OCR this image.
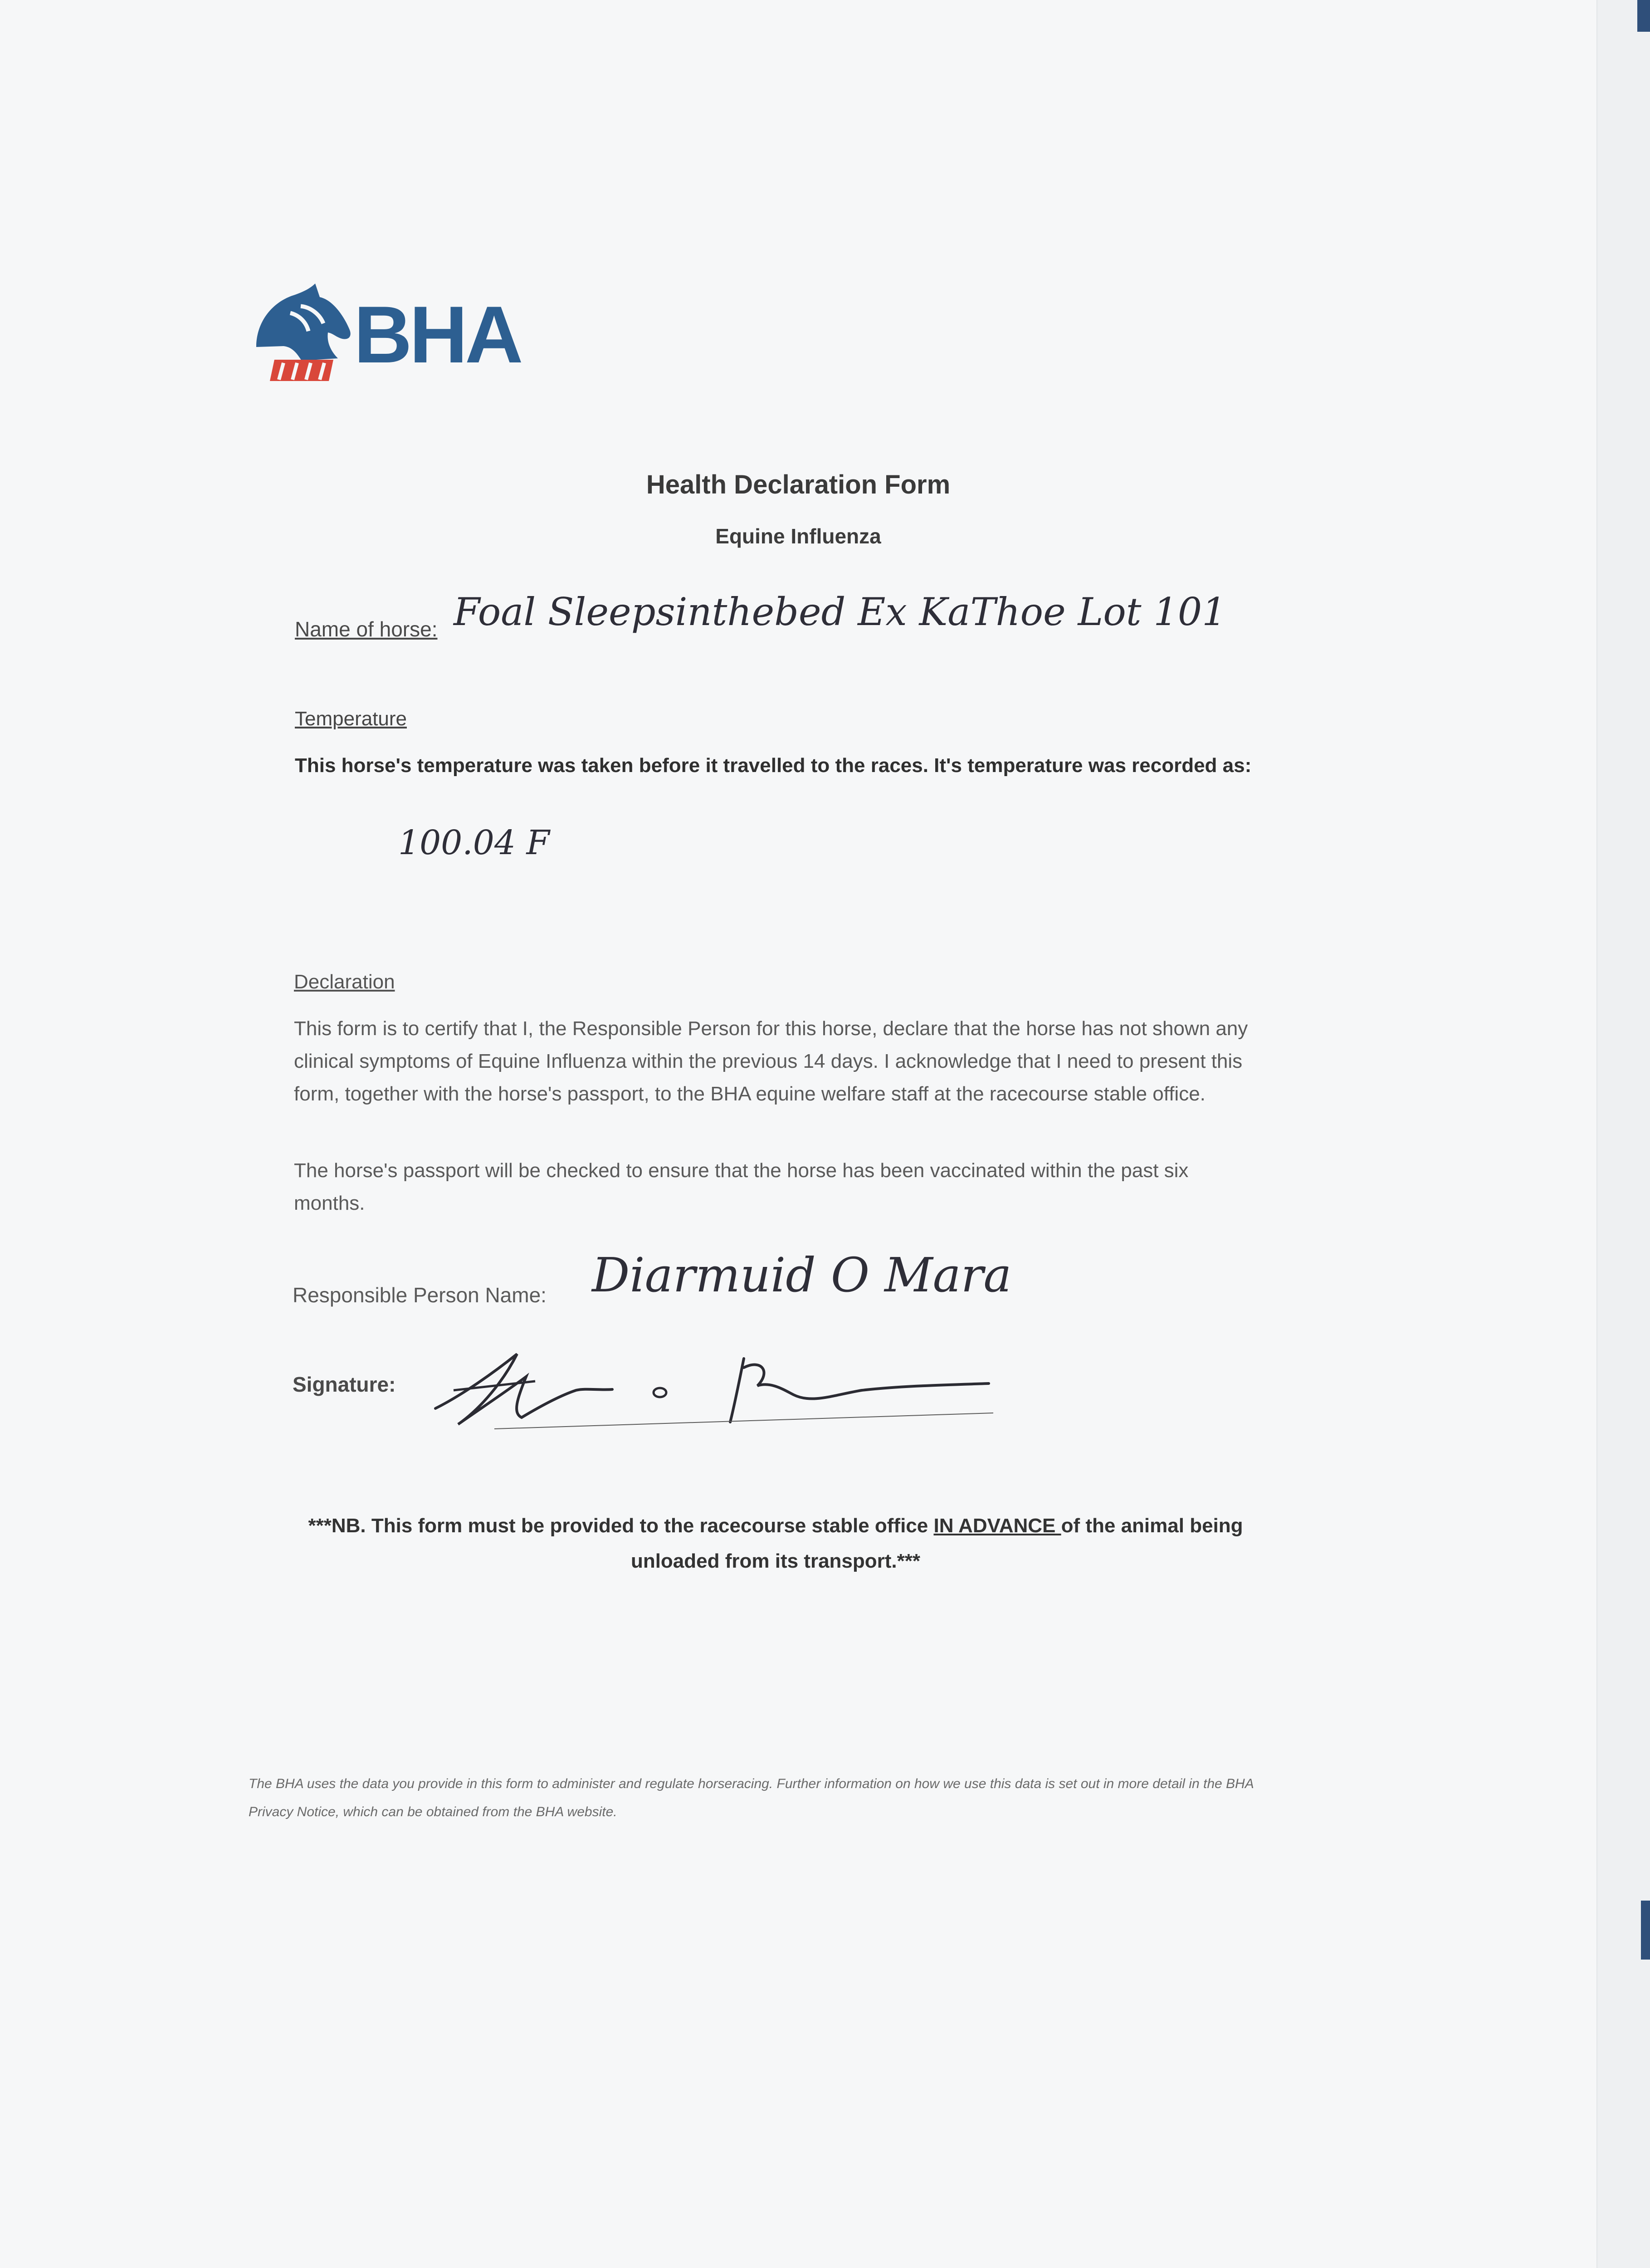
BHA
Health Declaration Form
Equine Influenza
Name of horse: Foal Sleepsinthebed Ex KaThoe Lot 101
Temperature
This horse's temperature was taken before it travelled to the races. It's temperature was recorded as:
100.04 F
Declaration
This form is to certify that I, the Responsible Person for this horse, declare that the horse has not shown any clinical symptoms of Equine Influenza within the previous 14 days. I acknowledge that I need to present this form, together with the horse's passport, to the BHA equine welfare staff at the racecourse stable office.
The horse's passport will be checked to ensure that the horse has been vaccinated within the past six months.
Responsible Person Name: Diarmuid O Mara
Signature:
***NB. This form must be provided to the racecourse stable office IN ADVANCE of the animal being unloaded from its transport.***
The BHA uses the data you provide in this form to administer and regulate horseracing. Further information on how we use this data is set out in more detail in the BHA Privacy Notice, which can be obtained from the BHA website.
